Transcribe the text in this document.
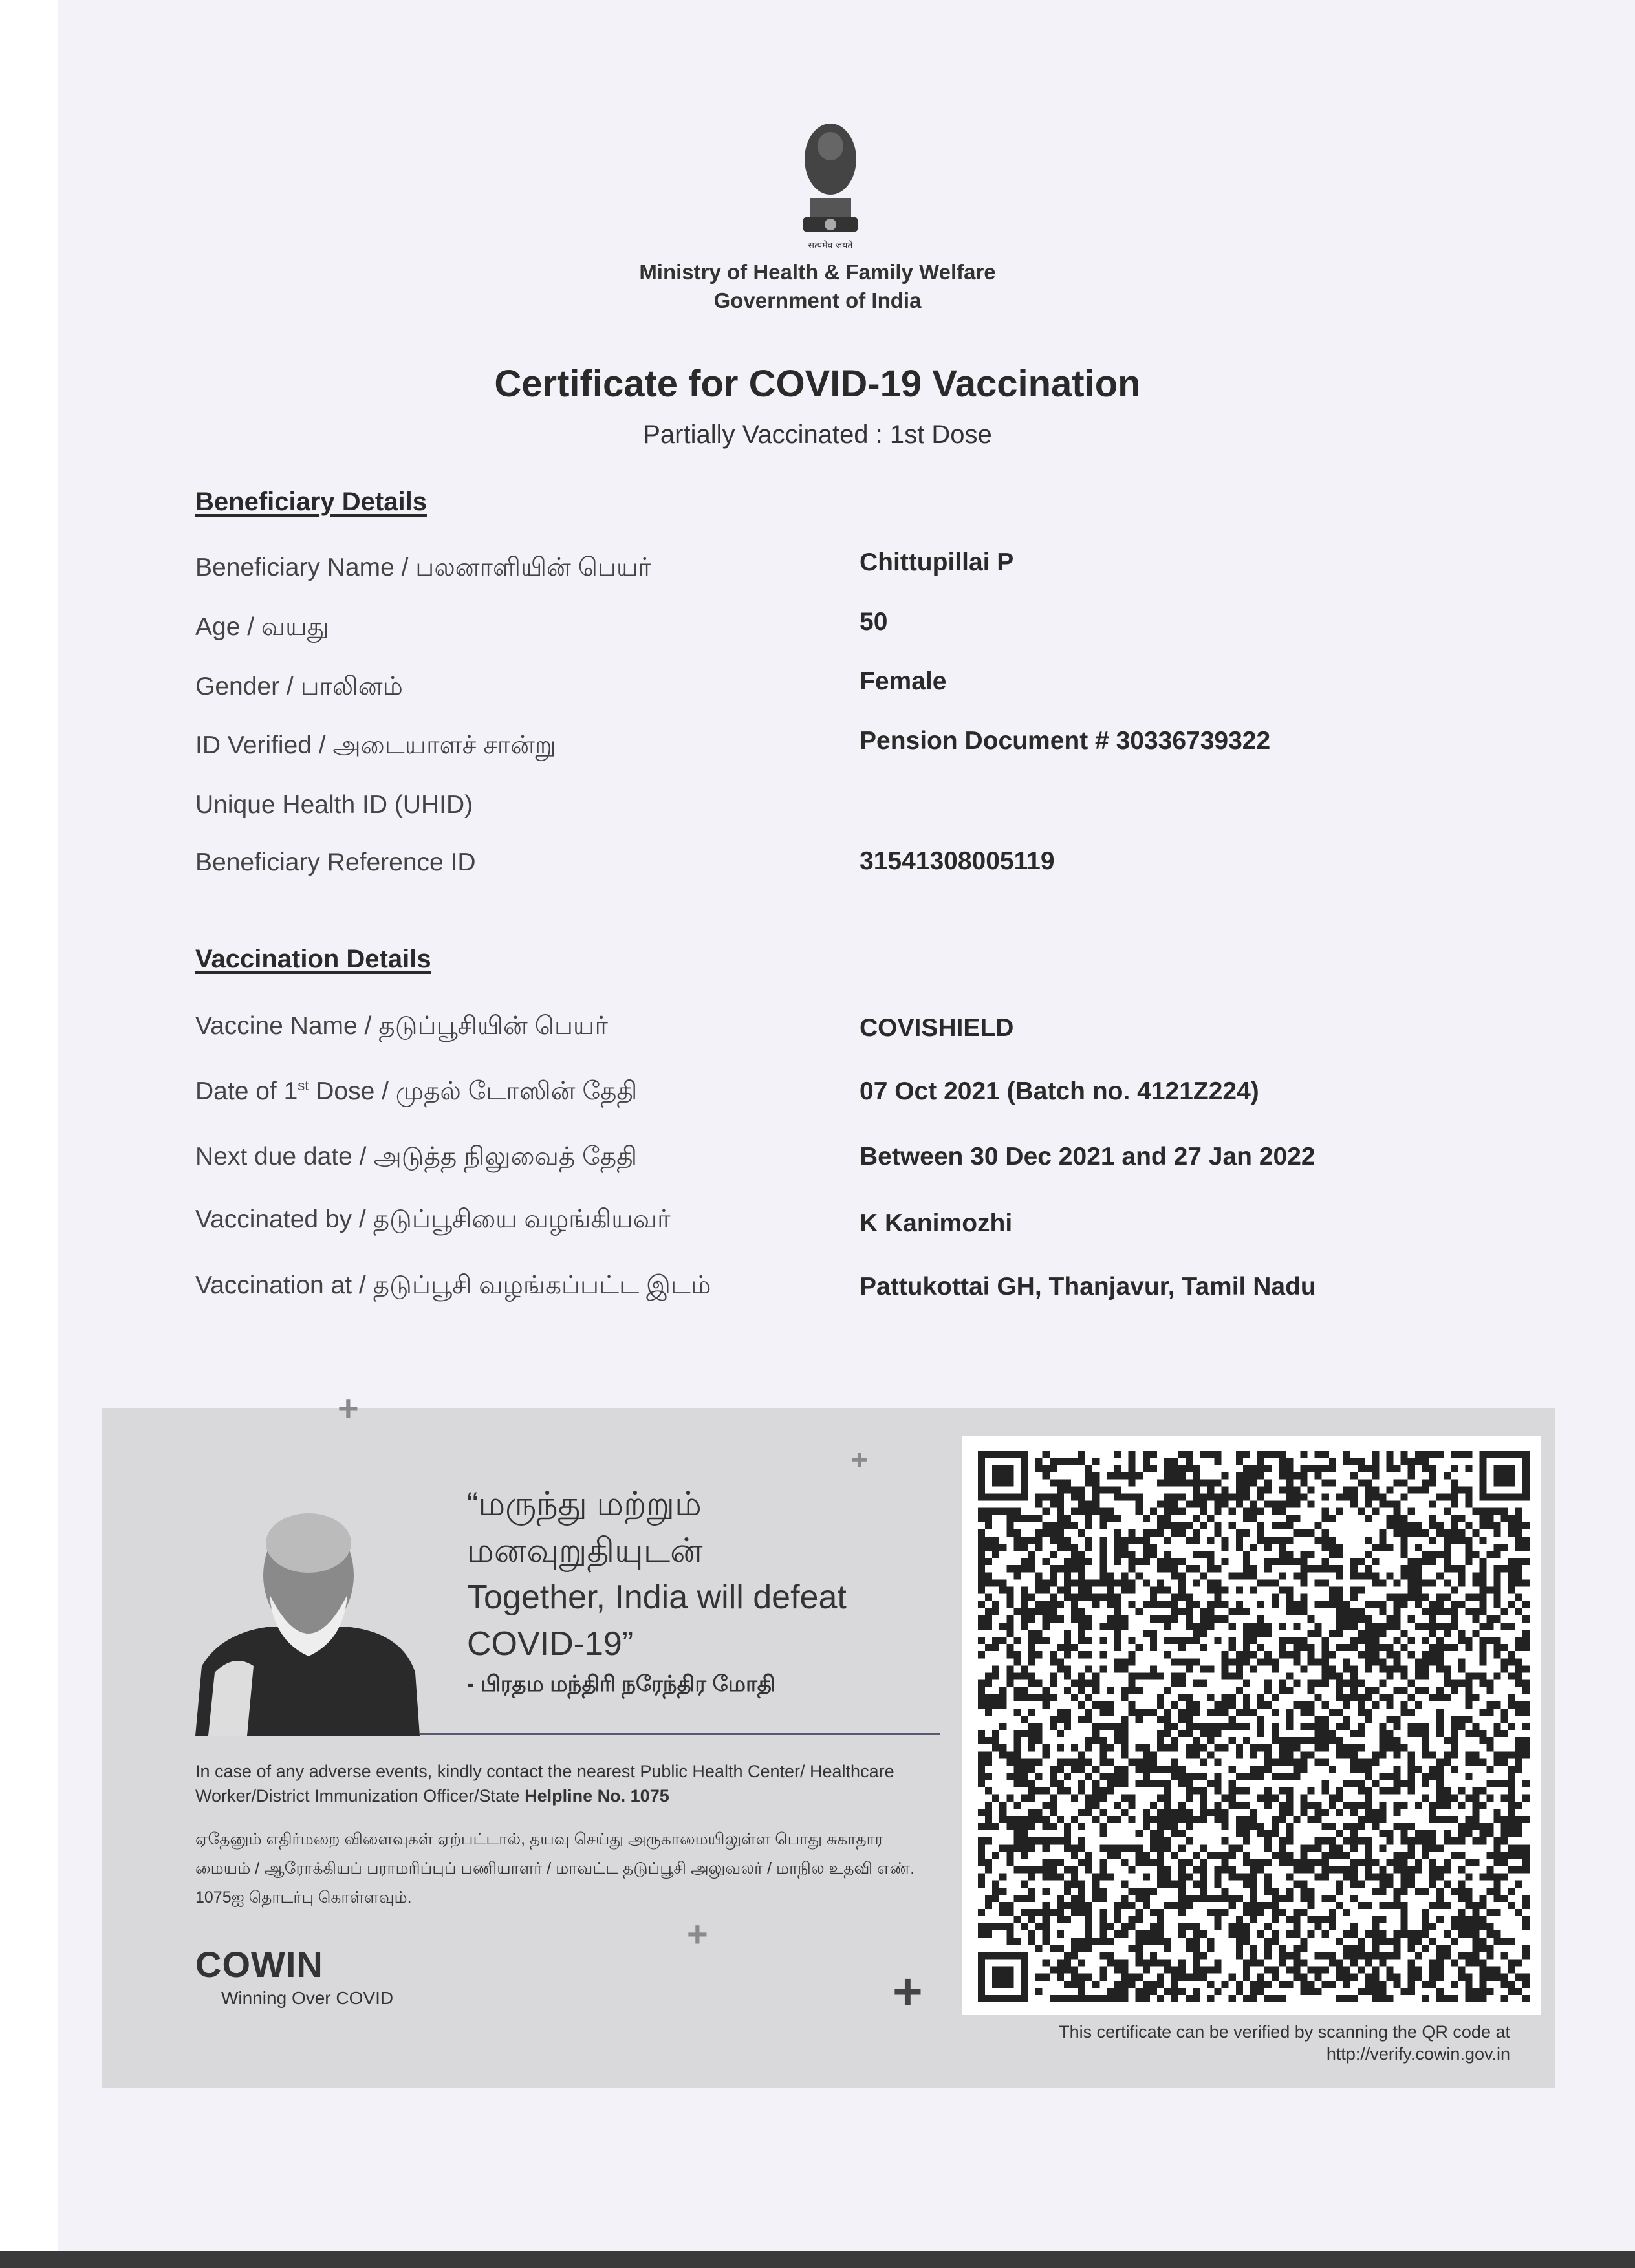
सत्यमेव जयते
Ministry of Health & Family Welfare
Government of India
Certificate for COVID-19 Vaccination
Partially Vaccinated : 1st Dose
Beneficiary Details
Beneficiary Name / பலனாளியின் பெயர்	Chittupillai P
Age / வயது	50
Gender / பாலினம்	Female
ID Verified / அடையாளச் சான்று	Pension Document # 30336739322
Unique Health ID (UHID)
Beneficiary Reference ID	31541308005119
Vaccination Details
Vaccine Name / தடுப்பூசியின் பெயர்	COVISHIELD
Date of 1st Dose / முதல் டோஸின் தேதி	07 Oct 2021 (Batch no. 4121Z224)
Next due date / அடுத்த நிலுவைத் தேதி	Between 30 Dec 2021 and 27 Jan 2022
Vaccinated by / தடுப்பூசியை வழங்கியவர்	K Kanimozhi
Vaccination at / தடுப்பூசி வழங்கப்பட்ட இடம்	Pattukottai GH, Thanjavur, Tamil Nadu
+
+
+
+
“மருந்து மற்றும்
மனவுறுதியுடன்
Together, India will defeat
COVID-19”
- பிரதம மந்திரி நரேந்திர மோதி
In case of any adverse events, kindly contact the nearest Public Health Center/ Healthcare Worker/District Immunization Officer/State Helpline No. 1075
ஏதேனும் எதிர்மறை விளைவுகள் ஏற்பட்டால், தயவு செய்து அருகாமையிலுள்ள பொது சுகாதார மையம் / ஆரோக்கியப் பராமரிப்புப் பணியாளர் / மாவட்ட தடுப்பூசி அலுவலர் / மாநில உதவி எண். 1075ஐ தொடர்பு கொள்ளவும்.
COWIN
Winning Over COVID
This certificate can be verified by scanning the QR code at
http://verify.cowin.gov.in
